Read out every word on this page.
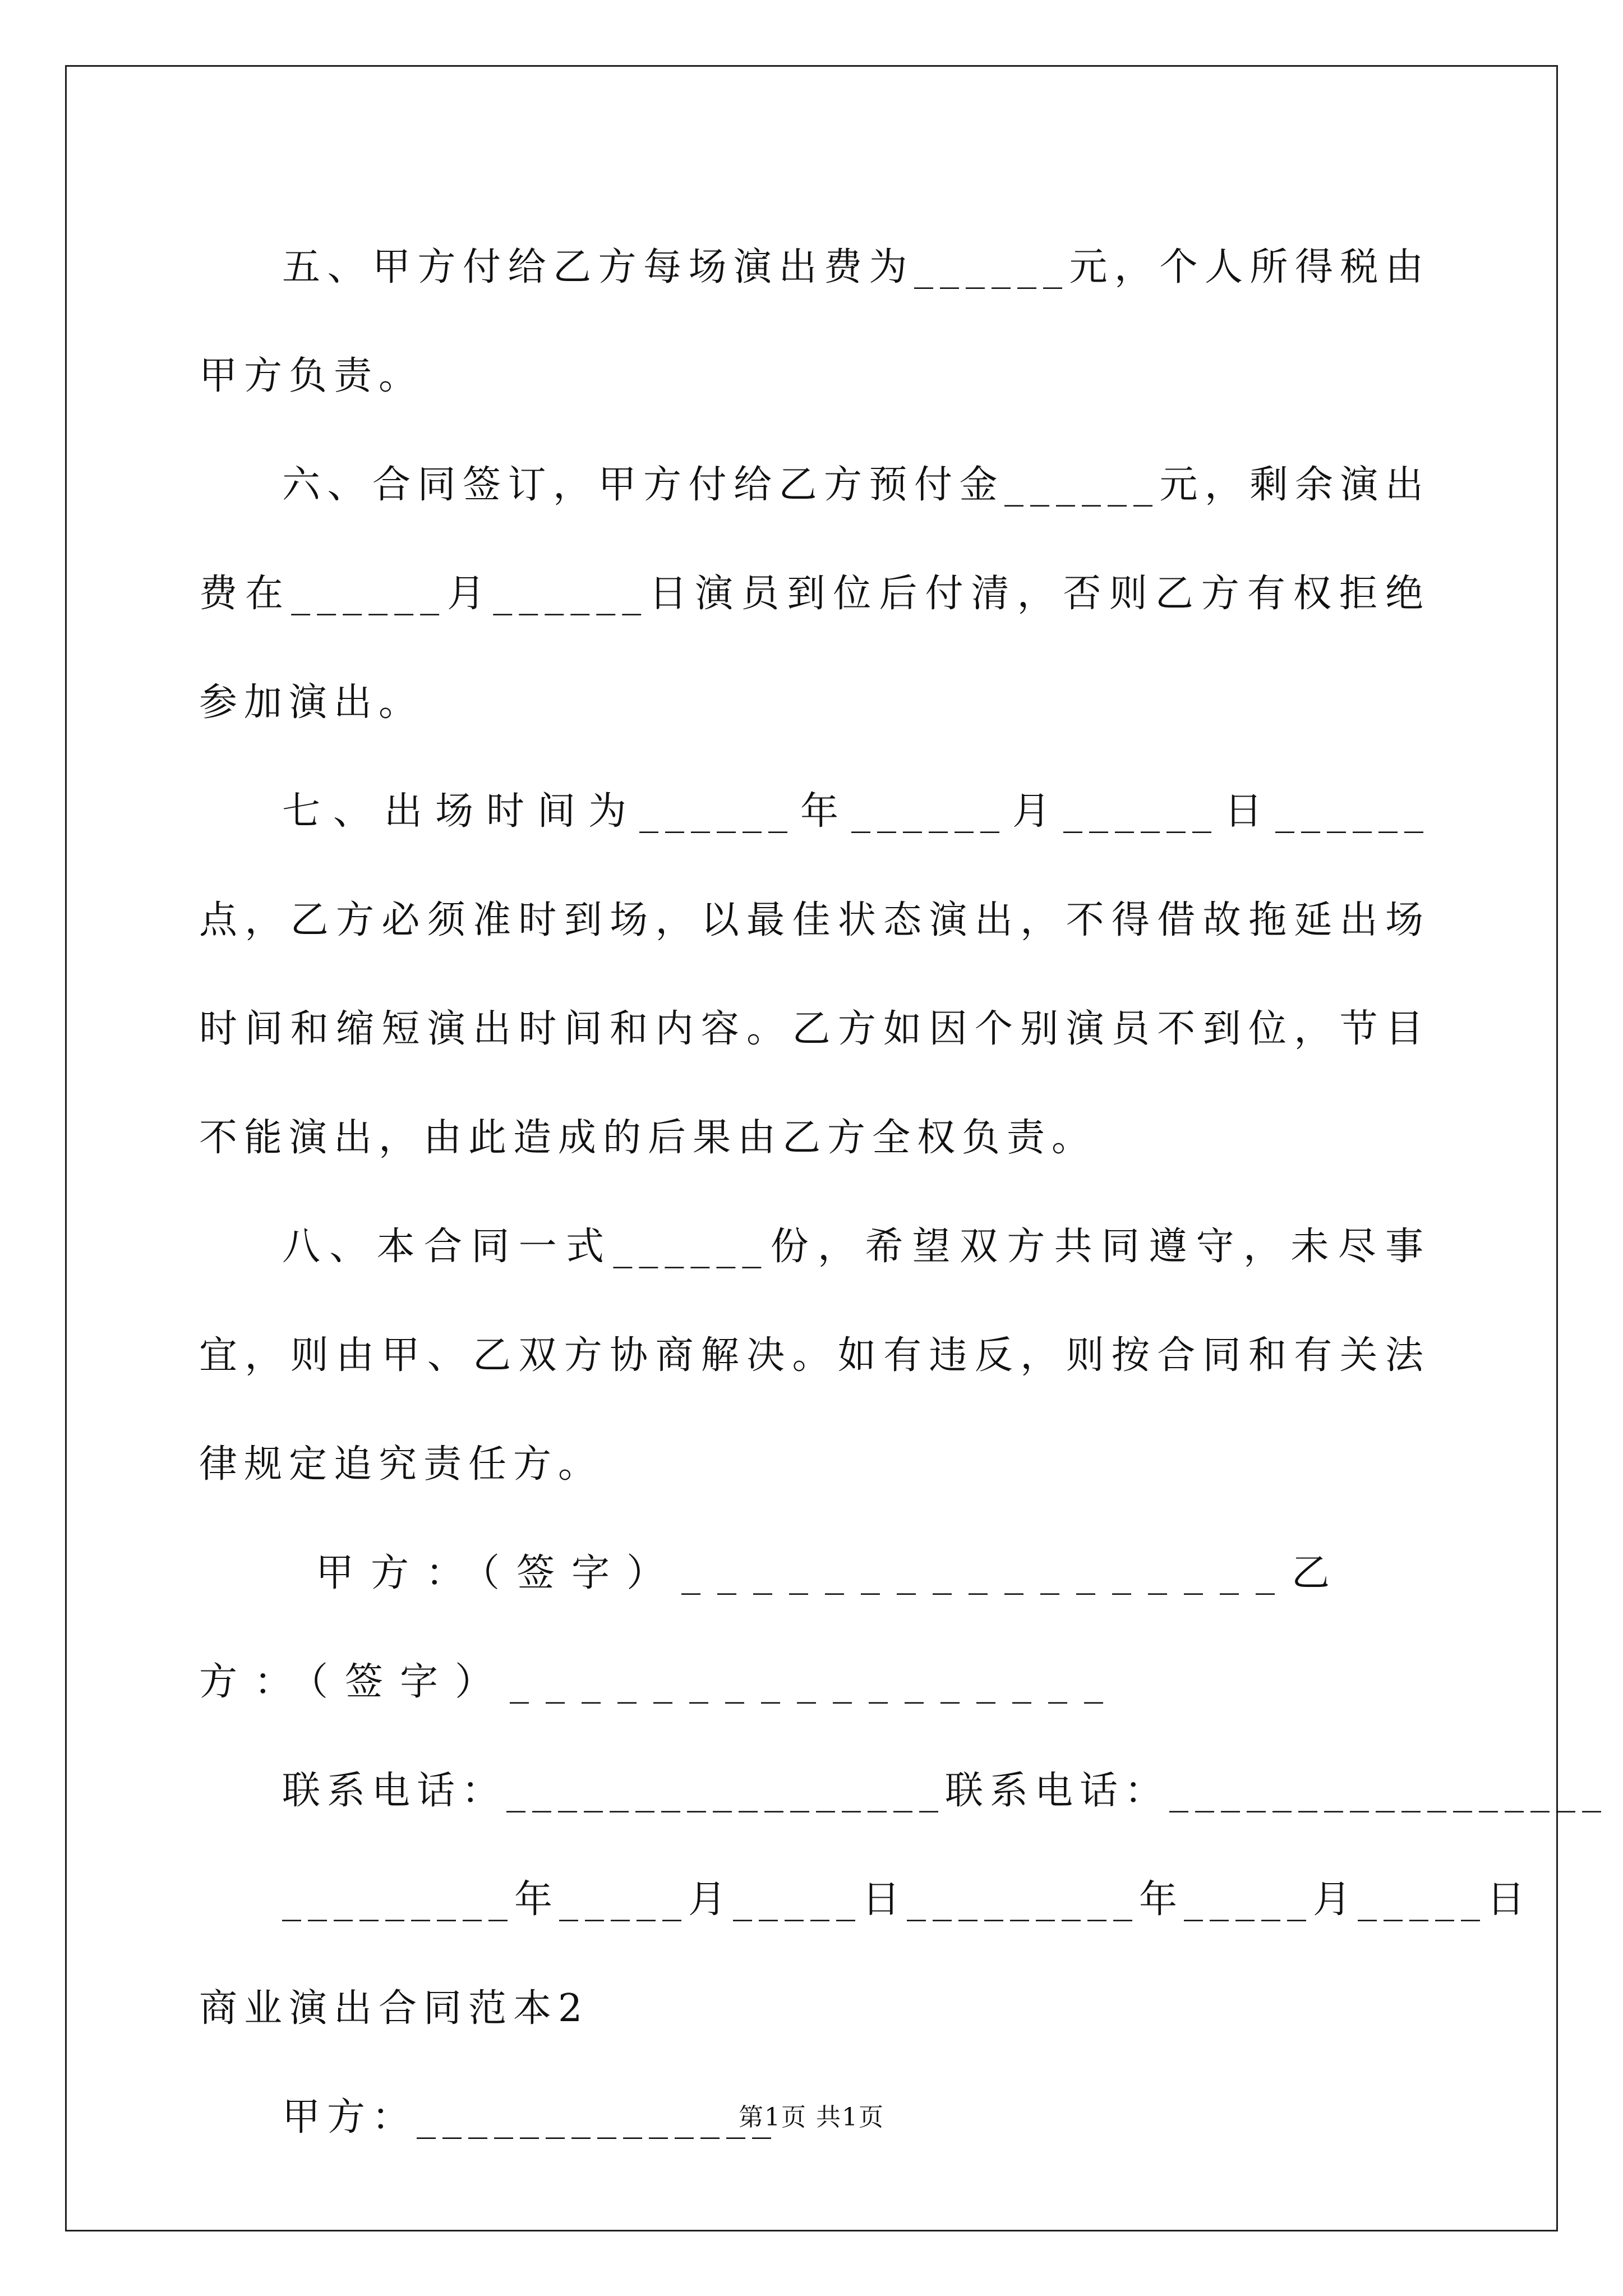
五、甲方付给乙方每场演出费为______元，个人所得税由甲方负责。

六、合同签订，甲方付给乙方预付金______元，剩余演出费在______月______日演员到位后付清，否则乙方有权拒绝参加演出。

七、出场时间为______年______月______日______点，乙方必须准时到场，以最佳状态演出，不得借故拖延出场时间和缩短演出时间和内容。乙方如因个别演员不到位，节目不能演出，由此造成的后果由乙方全权负责。

八、本合同一式______份，希望双方共同遵守，未尽事宜，则由甲、乙双方协商解决。如有违反，则按合同和有关法律规定追究责任方。

甲方：（签字）_________________乙方：（签字）_________________

联系电话：_________________联系电话：_________________

_________年_____月_____日_________年_____月_____日

商业演出合同范本2

甲方：______________

第1页 共1页
